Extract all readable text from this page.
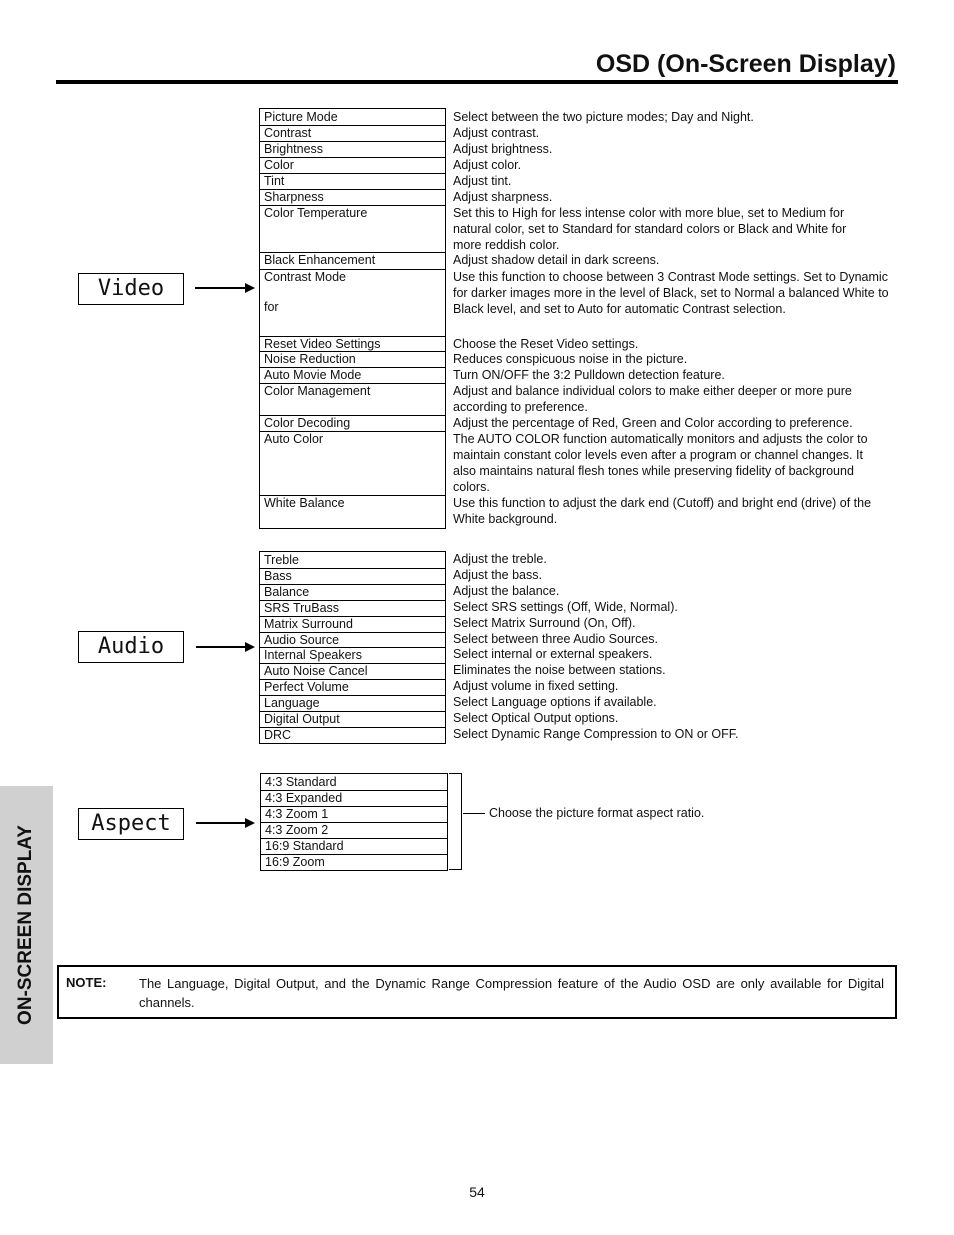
OSD (On-Screen Display)
Video
Picture Mode
Contrast
Brightness
Color
Tint
Sharpness
Color Temperature
Black Enhancement
Contrast Mode

for
Reset Video Settings
Noise Reduction
Auto Movie Mode
Color Management
Color Decoding
Auto Color
White Balance
Select between the two picture modes; Day and Night.
Adjust contrast.
Adjust brightness.
Adjust color.
Adjust tint.
Adjust sharpness.
Set this to High for less intense color with more blue, set to Medium for natural color, set to Standard for standard colors or Black and White for more reddish color.
Adjust shadow detail in dark screens.
Use this function to choose between 3 Contrast Mode settings. Set to Dynamic for darker images more in the level of Black, set to Normal a balanced White to Black level, and set to Auto for automatic Contrast selection.
Choose the Reset Video settings.
Reduces conspicuous noise in the picture.
Turn ON/OFF the 3:2 Pulldown detection feature.
Adjust and balance individual colors to make either deeper or more pure according to preference.
Adjust the percentage of Red, Green and Color according to preference.
The AUTO COLOR function automatically monitors and adjusts the color to maintain constant color levels even after a program or channel changes. It also maintains natural flesh tones while preserving fidelity of background colors.
Use this function to adjust the dark end (Cutoff) and bright end (drive) of the White background.
Audio
Treble
Bass
Balance
SRS TruBass
Matrix Surround
Audio Source
Internal Speakers
Auto Noise Cancel
Perfect Volume
Language
Digital Output
DRC
Adjust the treble.
Adjust the bass.
Adjust the balance.
Select SRS settings (Off, Wide, Normal).
Select Matrix Surround (On, Off).
Select between three Audio Sources.
Select internal or external speakers.
Eliminates the noise between stations.
Adjust volume in fixed setting.
Select Language options if available.
Select Optical Output options.
Select Dynamic Range Compression to ON or OFF.
Aspect
4:3 Standard
4:3 Expanded
4:3 Zoom 1
4:3 Zoom 2
16:9 Standard
16:9 Zoom
Choose the picture format aspect ratio.
ON-SCREEN DISPLAY NOTE:	The Language, Digital Output, and the Dynamic Range Compression feature of the Audio OSD are only available for Digital channels.
54
